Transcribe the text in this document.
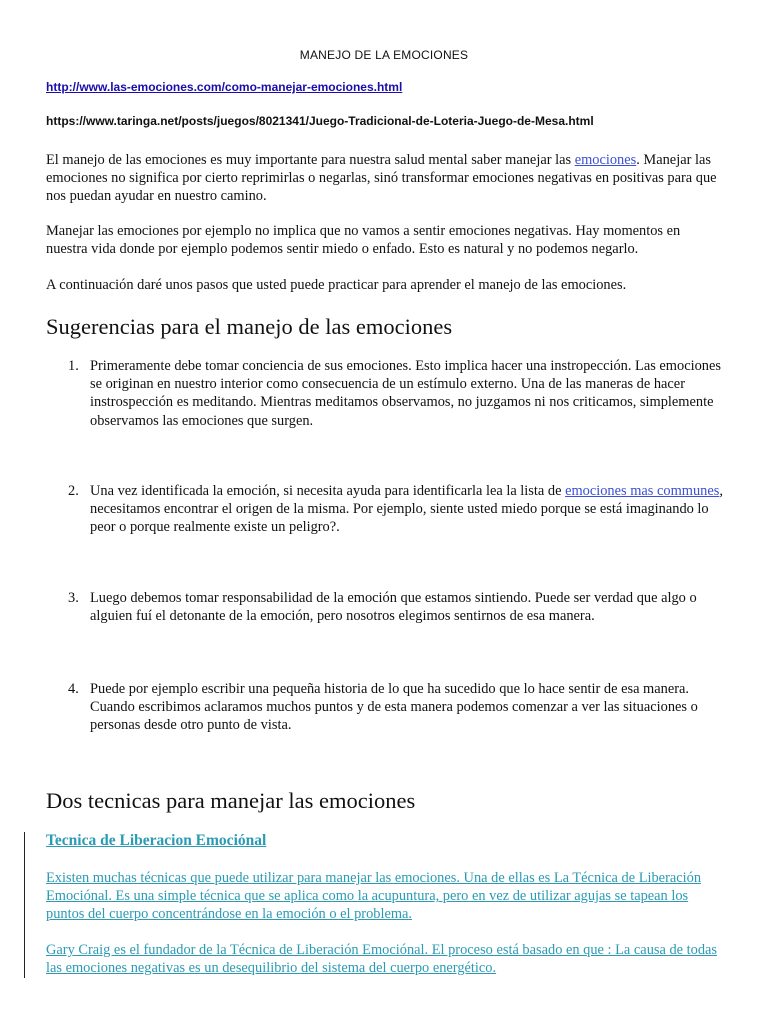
MANEJO DE LA EMOCIONES
http://www.las-emociones.com/como-manejar-emociones.html
https://www.taringa.net/posts/juegos/8021341/Juego-Tradicional-de-Loteria-Juego-de-Mesa.html

El manejo de las emociones es muy importante para nuestra salud mental saber manejar las emociones. Manejar las emociones no significa por cierto reprimirlas o negarlas, sinó transformar emociones negativas en positivas para que nos puedan ayudar en nuestro camino.

Manejar las emociones por ejemplo no implica que no vamos a sentir emociones negativas. Hay momentos en nuestra vida donde por ejemplo podemos sentir miedo o enfado. Esto es natural y no podemos negarlo.

A continuación daré unos pasos que usted puede practicar para aprender el manejo de las emociones.

Sugerencias para el manejo de las emociones
1. Primeramente debe tomar conciencia de sus emociones. Esto implica hacer una instropección. Las emociones se originan en nuestro interior como consecuencia de un estímulo externo. Una de las maneras de hacer instrospección es meditando. Mientras meditamos observamos, no juzgamos ni nos criticamos, simplemente observamos las emociones que surgen.
2. Una vez identificada la emoción, si necesita ayuda para identificarla lea la lista de emociones mas communes, necesitamos encontrar el origen de la misma. Por ejemplo, siente usted miedo porque se está imaginando lo peor o porque realmente existe un peligro?.
3. Luego debemos tomar responsabilidad de la emoción que estamos sintiendo. Puede ser verdad que algo o alguien fuí el detonante de la emoción, pero nosotros elegimos sentirnos de esa manera.
4. Puede por ejemplo escribir una pequeña historia de lo que ha sucedido que lo hace sentir de esa manera. Cuando escribimos aclaramos muchos puntos y de esta manera podemos comenzar a ver las situaciones o personas desde otro punto de vista.
Dos tecnicas para manejar las emociones
Tecnica de Liberacion Emociónal

Existen muchas técnicas que puede utilizar para manejar las emociones. Una de ellas es La Técnica de Liberación Emociónal. Es una simple técnica que se aplica como la acupuntura, pero en vez de utilizar agujas se tapean los puntos del cuerpo concentrándose en la emoción o el problema.

Gary Craig es el fundador de la Técnica de Liberación Emociónal. El proceso está basado en que : La causa de todas las emociones negativas es un desequilibrio del sistema del cuerpo energético.
